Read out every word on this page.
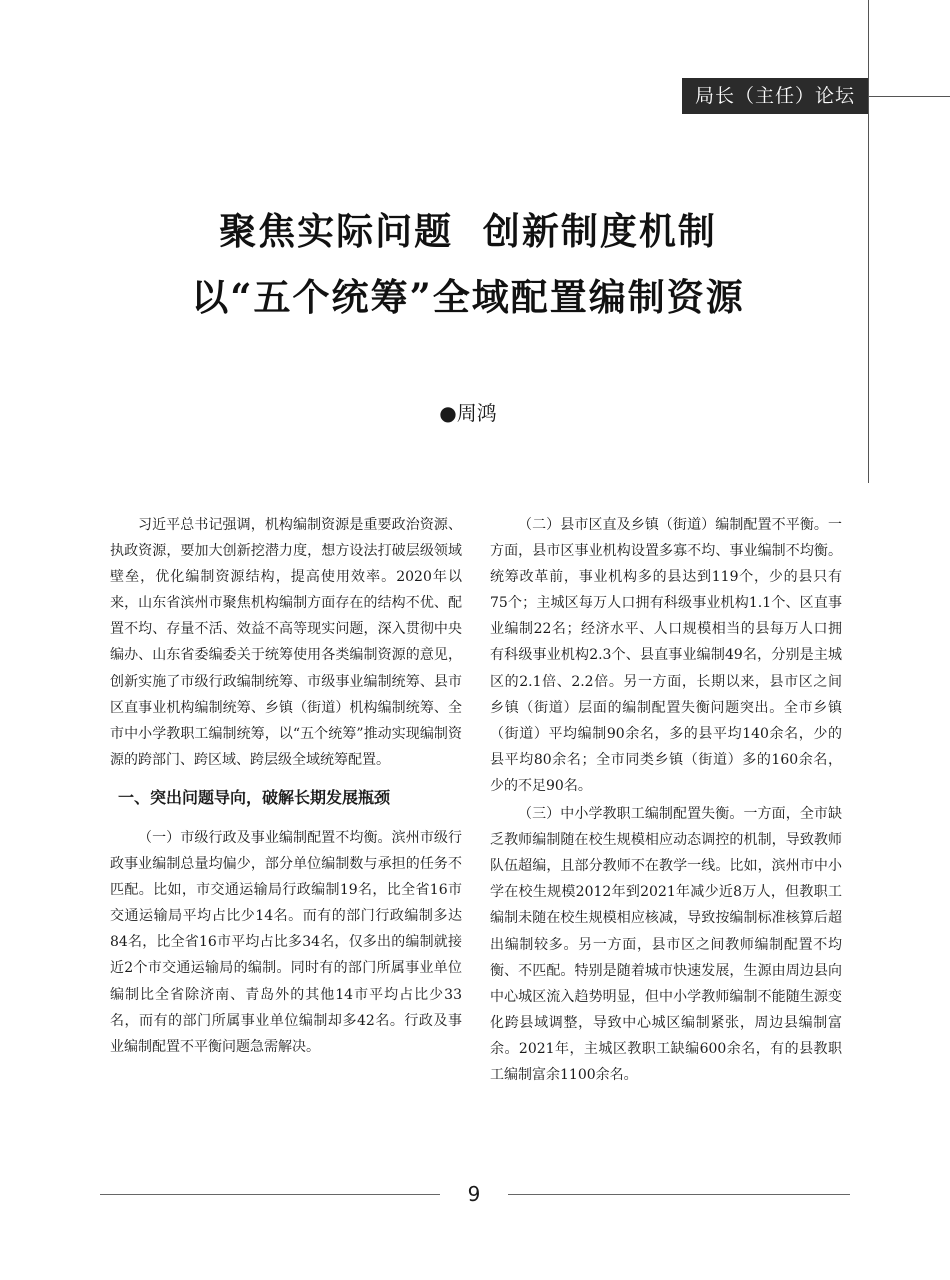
局长（主任）论坛
聚焦实际问题  创新制度机制
以“五个统筹”全域配置编制资源
●周鸿

习近平总书记强调，机构编制资源是重要政治资源、执政资源，要加大创新挖潜力度，想方设法打破层级领域壁垒，优化编制资源结构，提高使用效率。2020年以来，山东省滨州市聚焦机构编制方面存在的结构不优、配置不均、存量不活、效益不高等现实问题，深入贯彻中央编办、山东省委编委关于统筹使用各类编制资源的意见，创新实施了市级行政编制统筹、市级事业编制统筹、县市区直事业机构编制统筹、乡镇（街道）机构编制统筹、全市中小学教职工编制统筹，以“五个统筹”推动实现编制资源的跨部门、跨区域、跨层级全域统筹配置。

一、突出问题导向，破解长期发展瓶颈

（一）市级行政及事业编制配置不均衡。滨州市级行政事业编制总量均偏少，部分单位编制数与承担的任务不匹配。比如，市交通运输局行政编制19名，比全省16市交通运输局平均占比少14名。而有的部门行政编制多达84名，比全省16市平均占比多34名，仅多出的编制就接近2个市交通运输局的编制。同时有的部门所属事业单位编制比全省除济南、青岛外的其他14市平均占比少33名，而有的部门所属事业单位编制却多42名。行政及事业编制配置不平衡问题急需解决。

（二）县市区直及乡镇（街道）编制配置不平衡。一方面，县市区事业机构设置多寡不均、事业编制不均衡。统筹改革前，事业机构多的县达到119个，少的县只有75个；主城区每万人口拥有科级事业机构1.1个、区直事业编制22名；经济水平、人口规模相当的县每万人口拥有科级事业机构2.3个、县直事业编制49名，分别是主城区的2.1倍、2.2倍。另一方面，长期以来，县市区之间乡镇（街道）层面的编制配置失衡问题突出。全市乡镇（街道）平均编制90余名，多的县平均140余名，少的县平均80余名；全市同类乡镇（街道）多的160余名，少的不足90名。

（三）中小学教职工编制配置失衡。一方面，全市缺乏教师编制随在校生规模相应动态调控的机制，导致教师队伍超编，且部分教师不在教学一线。比如，滨州市中小学在校生规模2012年到2021年减少近8万人，但教职工编制未随在校生规模相应核减，导致按编制标准核算后超出编制较多。另一方面，县市区之间教师编制配置不均衡、不匹配。特别是随着城市快速发展，生源由周边县向中心城区流入趋势明显，但中小学教师编制不能随生源变化跨县域调整，导致中心城区编制紧张，周边县编制富余。2021年，主城区教职工缺编600余名，有的县教职工编制富余1100余名。

9
